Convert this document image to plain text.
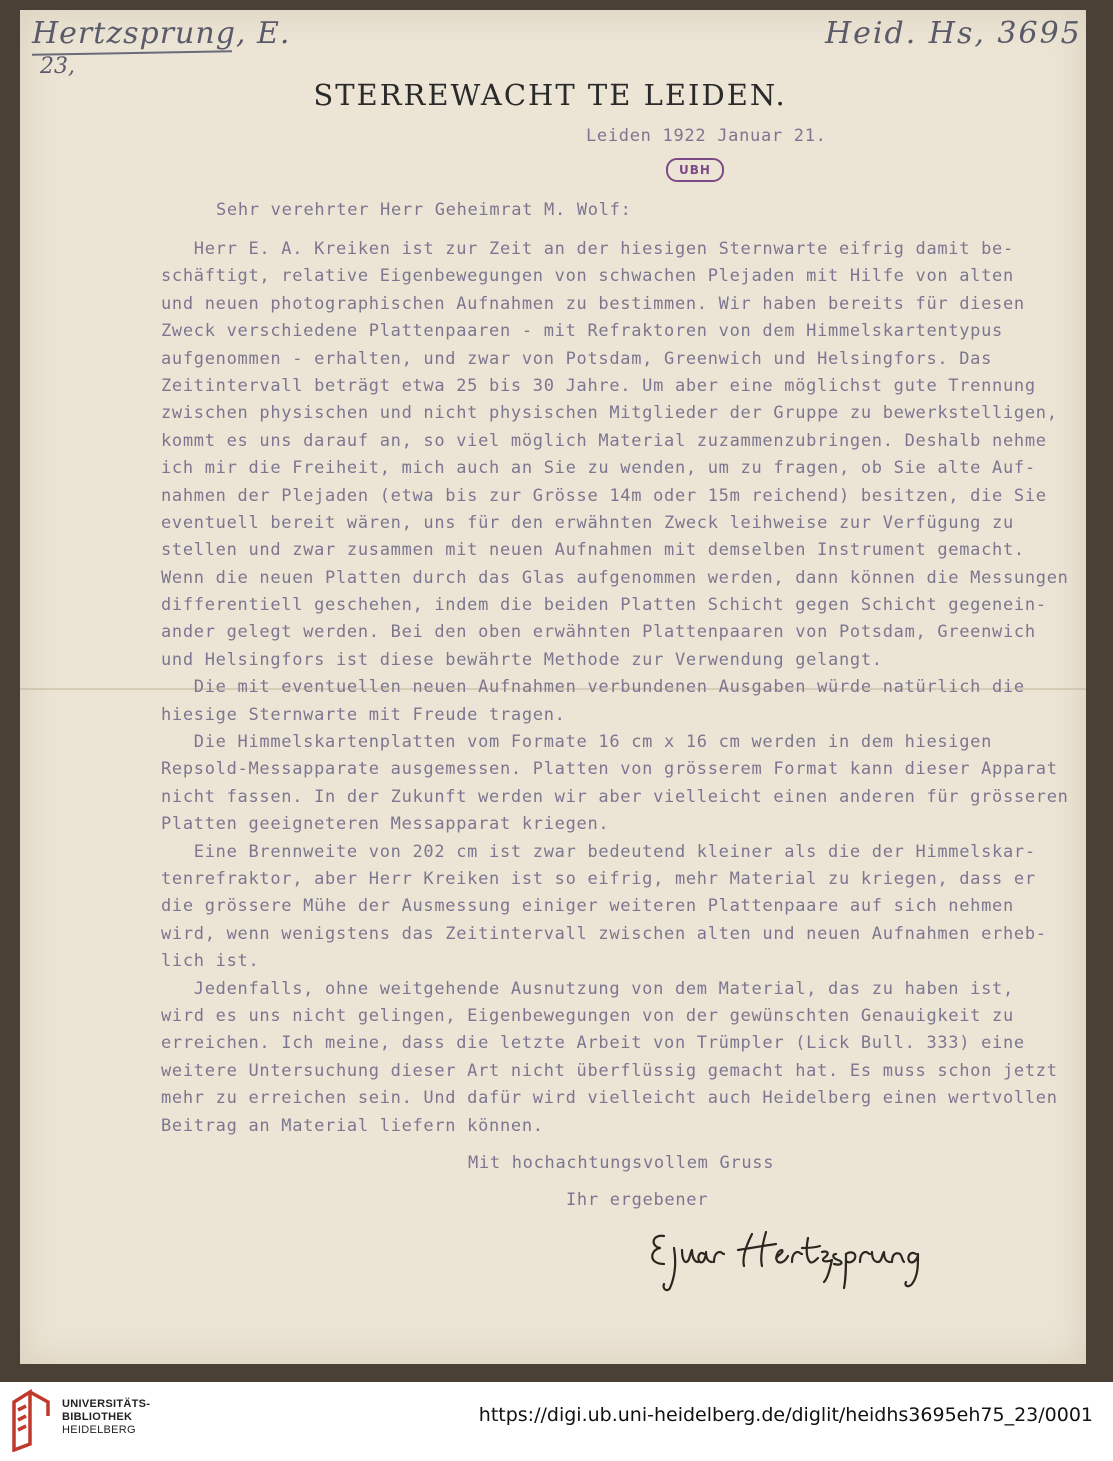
Hertzsprung, E.
23,
Heid. Hs, 3695
STERREWACHT TE LEIDEN.
Leiden 1922 Januar 21.
UBH
Sehr verehrter Herr Geheimrat M. Wolf:
Herr E. A. Kreiken ist zur Zeit an der hiesigen Sternwarte eifrig damit be-
schäftigt, relative Eigenbewegungen von schwachen Plejaden mit Hilfe von alten
und neuen photographischen Aufnahmen zu bestimmen. Wir haben bereits für diesen
Zweck verschiedene Plattenpaaren - mit Refraktoren von dem Himmelskartentypus
aufgenommen - erhalten, und zwar von Potsdam, Greenwich und Helsingfors. Das
Zeitintervall beträgt etwa 25 bis 30 Jahre. Um aber eine möglichst gute Trennung
zwischen physischen und nicht physischen Mitglieder der Gruppe zu bewerkstelligen,
kommt es uns darauf an, so viel möglich Material zuzammenzubringen. Deshalb nehme
ich mir die Freiheit, mich auch an Sie zu wenden, um zu fragen, ob Sie alte Auf-
nahmen der Plejaden (etwa bis zur Grösse 14m oder 15m reichend) besitzen, die Sie
eventuell bereit wären, uns für den erwähnten Zweck leihweise zur Verfügung zu
stellen und zwar zusammen mit neuen Aufnahmen mit demselben Instrument gemacht.
Wenn die neuen Platten durch das Glas aufgenommen werden, dann können die Messungen
differentiell geschehen, indem die beiden Platten Schicht gegen Schicht gegenein-
ander gelegt werden. Bei den oben erwähnten Plattenpaaren von Potsdam, Greenwich
und Helsingfors ist diese bewährte Methode zur Verwendung gelangt.
Die mit eventuellen neuen Aufnahmen verbundenen Ausgaben würde natürlich die
hiesige Sternwarte mit Freude tragen.
Die Himmelskartenplatten vom Formate 16 cm x 16 cm werden in dem hiesigen
Repsold-Messapparate ausgemessen. Platten von grösserem Format kann dieser Apparat
nicht fassen. In der Zukunft werden wir aber vielleicht einen anderen für grösseren
Platten geeigneteren Messapparat kriegen.
Eine Brennweite von 202 cm ist zwar bedeutend kleiner als die der Himmelskar-
tenrefraktor, aber Herr Kreiken ist so eifrig, mehr Material zu kriegen, dass er
die grössere Mühe der Ausmessung einiger weiteren Plattenpaare auf sich nehmen
wird, wenn wenigstens das Zeitintervall zwischen alten und neuen Aufnahmen erheb-
lich ist.
Jedenfalls, ohne weitgehende Ausnutzung von dem Material, das zu haben ist,
wird es uns nicht gelingen, Eigenbewegungen von der gewünschten Genauigkeit zu
erreichen. Ich meine, dass die letzte Arbeit von Trümpler (Lick Bull. 333) eine
weitere Untersuchung dieser Art nicht überflüssig gemacht hat. Es muss schon jetzt
mehr zu erreichen sein. Und dafür wird vielleicht auch Heidelberg einen wertvollen
Beitrag an Material liefern können.
Mit hochachtungsvollem Gruss
Ihr ergebener
UNIVERSITÄTS-
BIBLIOTHEK
HEIDELBERG
https://digi.ub.uni-heidelberg.de/diglit/heidhs3695eh75_23/0001
